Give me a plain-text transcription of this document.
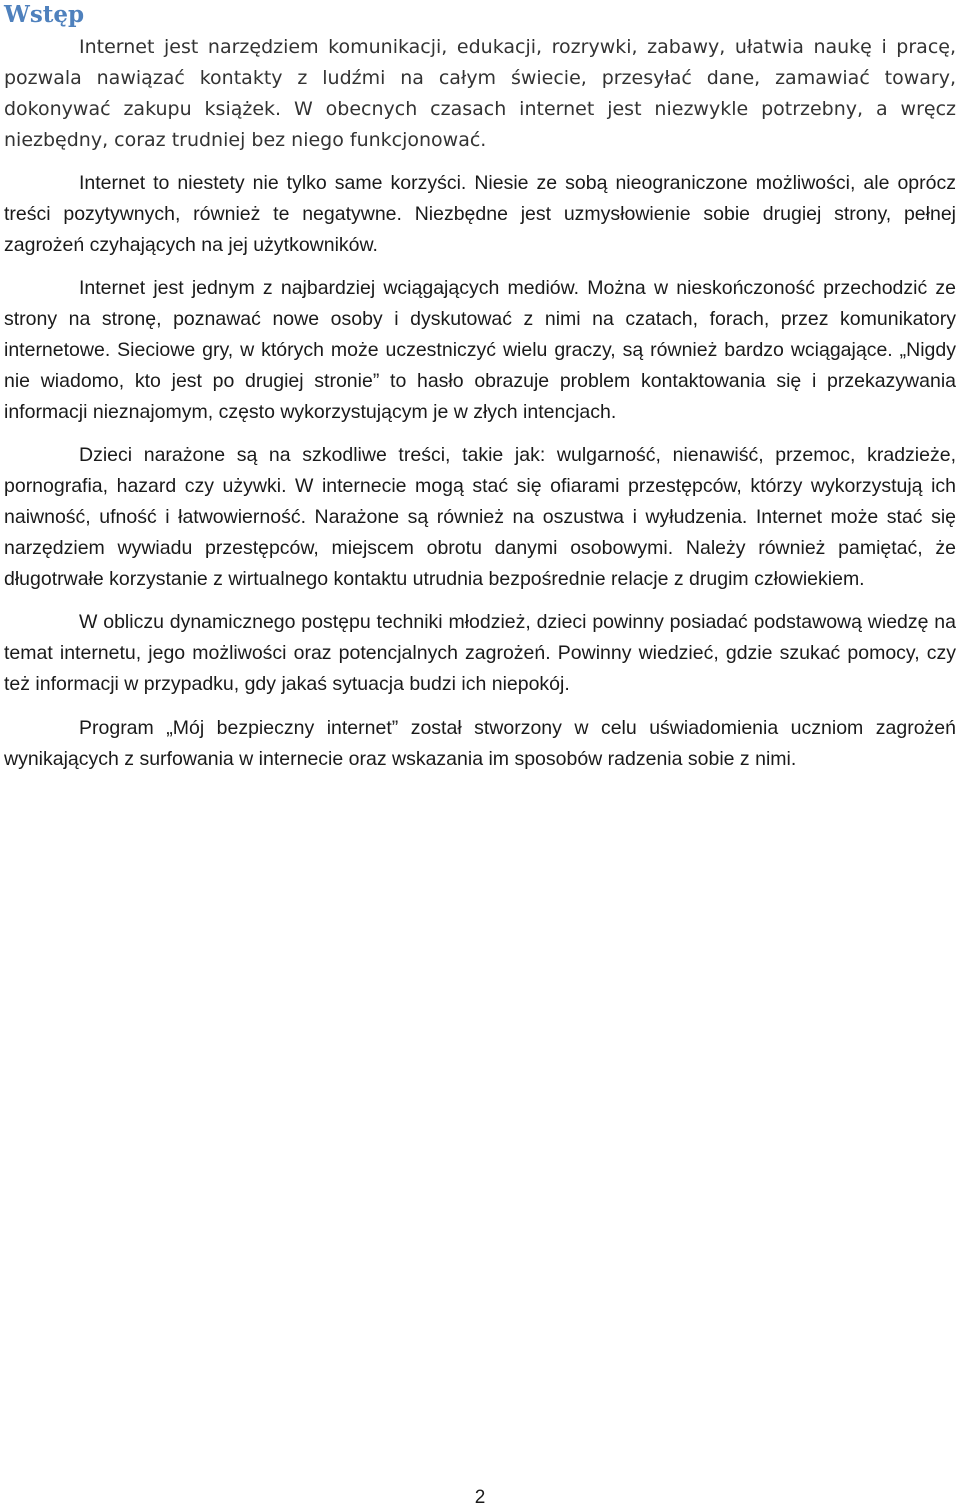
Wstęp

Internet jest narzędziem komunikacji, edukacji, rozrywki, zabawy, ułatwia naukę i pracę, pozwala nawiązać kontakty z ludźmi na całym świecie, przesyłać dane, zamawiać towary, dokonywać zakupu książek. W obecnych czasach internet jest niezwykle potrzebny, a wręcz niezbędny, coraz trudniej bez niego funkcjonować.

Internet to niestety nie tylko same korzyści. Niesie ze sobą nieograniczone możliwości, ale oprócz treści pozytywnych, również te negatywne. Niezbędne jest uzmysłowienie sobie drugiej strony, pełnej zagrożeń czyhających na jej użytkowników.

Internet jest jednym z najbardziej wciągających mediów. Można w nieskończoność przechodzić ze strony na stronę, poznawać nowe osoby i dyskutować z nimi na czatach, forach, przez komunikatory internetowe. Sieciowe gry, w których może uczestniczyć wielu graczy, są również bardzo wciągające. „Nigdy nie wiadomo, kto jest po drugiej stronie” to hasło obrazuje problem kontaktowania się i przekazywania informacji nieznajomym, często wykorzystującym je w złych intencjach.

Dzieci narażone są na szkodliwe treści, takie jak: wulgarność, nienawiść, przemoc, kradzieże, pornografia, hazard czy używki. W internecie mogą stać się ofiarami przestępców, którzy wykorzystują ich naiwność, ufność i łatwowierność. Narażone są również na oszustwa i wyłudzenia. Internet może stać się narzędziem wywiadu przestępców, miejscem obrotu danymi osobowymi. Należy również pamiętać, że długotrwałe korzystanie z wirtualnego kontaktu utrudnia bezpośrednie relacje z drugim człowiekiem.

W obliczu dynamicznego postępu techniki młodzież, dzieci powinny posiadać podstawową wiedzę na temat internetu, jego możliwości oraz potencjalnych zagrożeń. Powinny wiedzieć, gdzie szukać pomocy, czy też informacji w przypadku, gdy jakaś sytuacja budzi ich niepokój.

Program „Mój bezpieczny internet” został stworzony w celu uświadomienia uczniom zagrożeń wynikających z surfowania w internecie oraz wskazania im sposobów radzenia sobie z nimi.

2
